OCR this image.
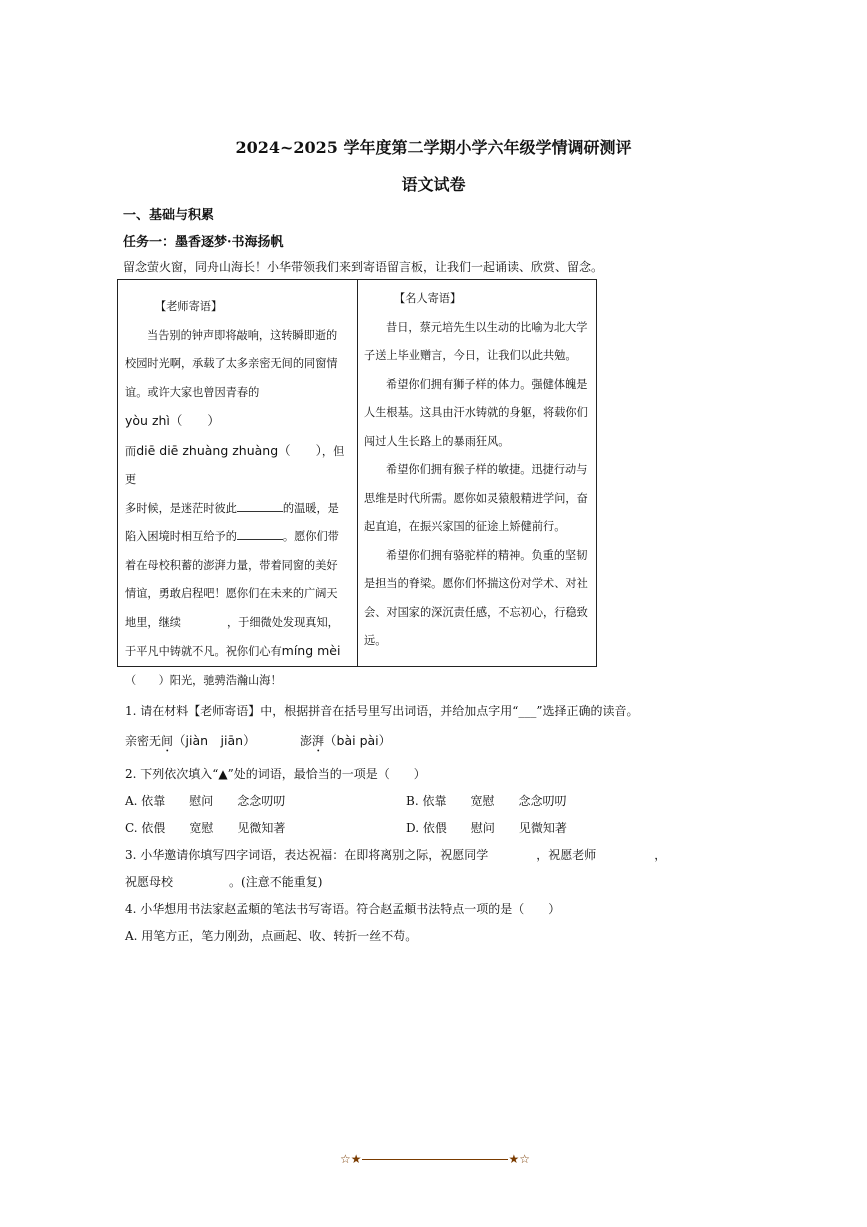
2024~2025 学年度第二学期小学六年级学情调研测评
语文试卷
一、基础与积累
任务一：墨香逐梦·书海扬帆
留念萤火窗，同舟山海长！小华带领我们来到寄语留言板，让我们一起诵读、欣赏、留念。

【老师寄语】

当告别的钟声即将敲响，这转瞬即逝的

校园时光啊，承载了太多亲密无间的同窗情

谊。或许大家也曾因青春的yòu zhì（　　）

而diē diē zhuàng zhuàng（　　），但更

多时候，是迷茫时彼此	的温暖，是

陷入困境时相互给予的	。愿你们带

着在母校积蓄的澎湃力量，带着同窗的美好

情谊，勇敢启程吧！愿你们在未来的广阔天

地里，继续	，于细微处发现真知，

于平凡中铸就不凡。祝你们心有míng mèi

（　　）阳光，驰骋浩瀚山海！

【名人寄语】

昔日，蔡元培先生以生动的比喻为北大学子送上毕业赠言，今日，让我们以此共勉。

希望你们拥有狮子样的体力。强健体魄是人生根基。这具由汗水铸就的身躯，将载你们闯过人生长路上的暴雨狂风。

希望你们拥有猴子样的敏捷。迅捷行动与思维是时代所需。愿你如灵猿般精进学问，奋起直追，在振兴家国的征途上矫健前行。

希望你们拥有骆驼样的精神。负重的坚韧是担当的脊梁。愿你们怀揣这份对学术、对社会、对国家的深沉责任感，不忘初心，行稳致远。

1. 请在材料【老师寄语】中，根据拼音在括号里写出词语，并给加点字用“___”选择正确的读音。
亲密无间（jiàn　jiān）	澎湃（bài pài）
2. 下列依次填入“▲”处的词语，最恰当的一项是（　　）
A. 依靠　　慰问　　念念叨叨	B. 依靠　　宽慰　　念念叨叨
C. 依偎　　宽慰　　见微知著	D. 依偎　　慰问　　见微知著
3. 小华邀请你填写四字词语，表达祝福：在即将离别之际，祝愿同学	，祝愿老师	，
祝愿母校	。(注意不能重复)
4. 小华想用书法家赵孟頫的笔法书写寄语。符合赵孟頫书法特点一项的是（　　）
A. 用笔方正，笔力刚劲，点画起、收、转折一丝不苟。
☆★	★☆
